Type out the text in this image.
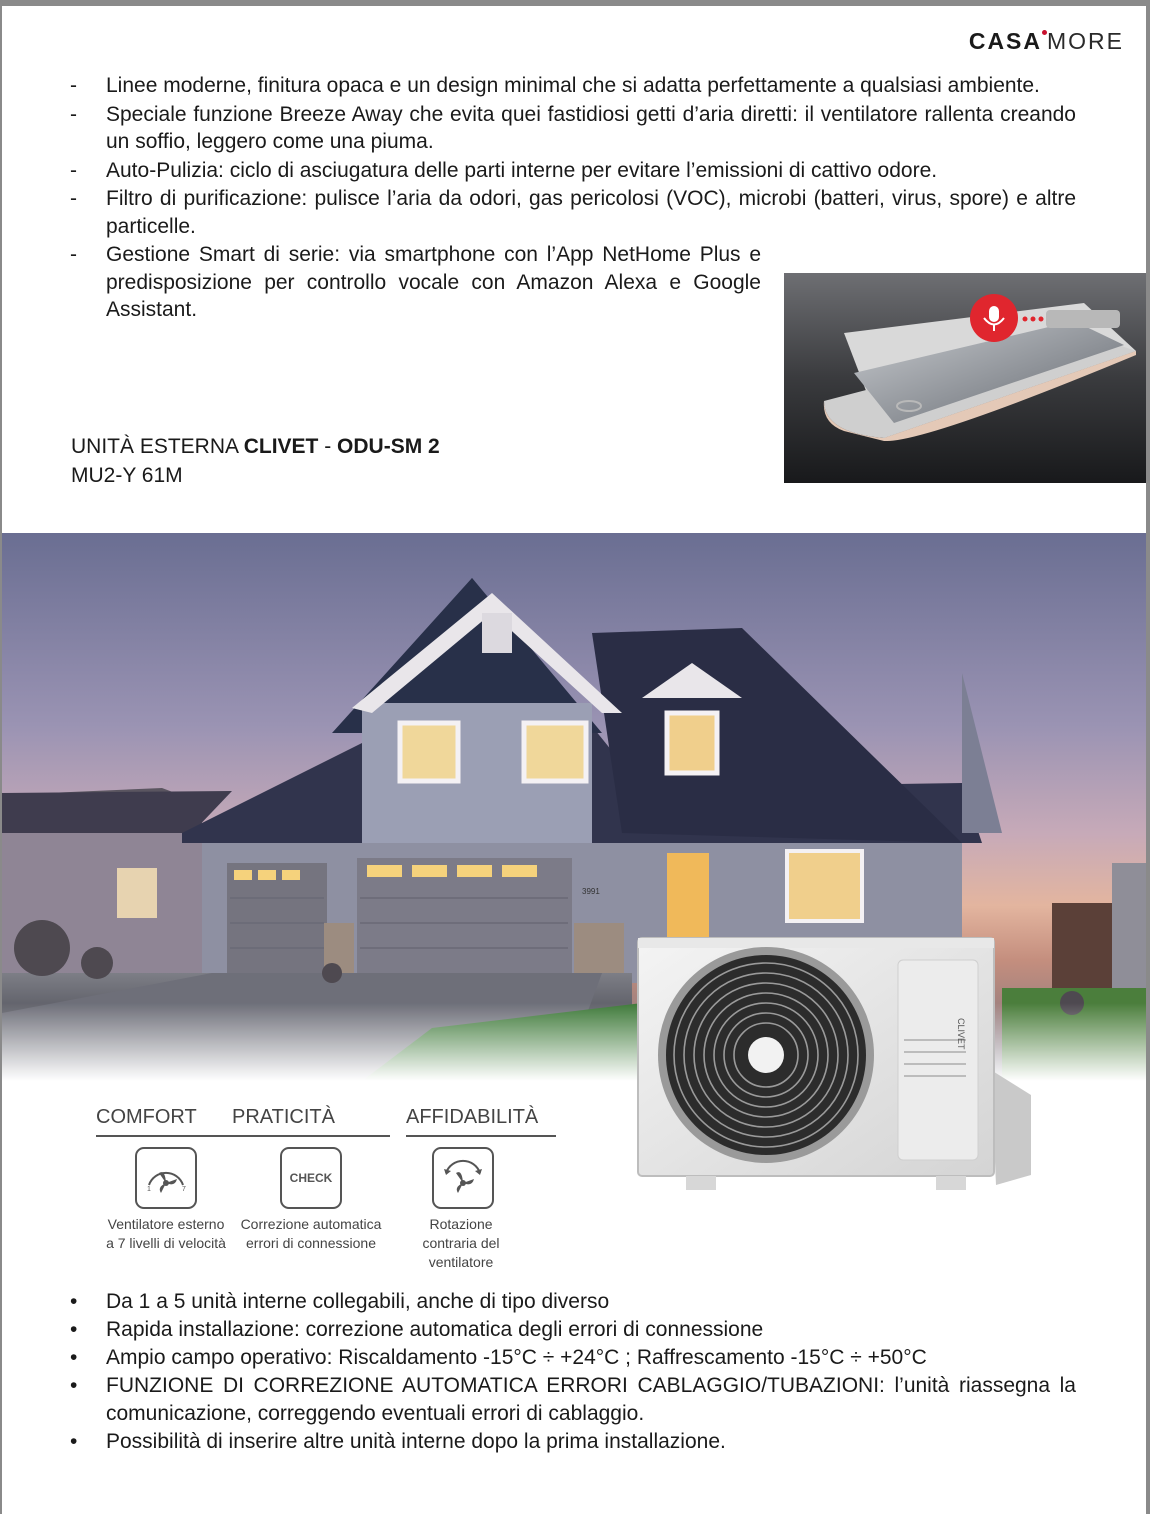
CASA MORE
- Linee moderne, finitura opaca e un design minimal che si adatta perfettamente a qualsiasi ambiente.
- Speciale funzione Breeze Away che evita quei fastidiosi getti d’aria diretti: il ventilatore rallenta creando un soffio, leggero come una piuma.
- Auto-Pulizia: ciclo di asciugatura delle parti interne per evitare l’emissioni di cattivo odore.
- Filtro di purificazione: pulisce l’aria da odori, gas pericolosi (VOC), microbi (batteri, virus, spore) e altre particelle.
- Gestione Smart di serie: via smartphone con l’App NetHome Plus e predisposizione per controllo vocale con Amazon Alexa e Google Assistant.
UNITÀ ESTERNA CLIVET - ODU-SM 2
MU2-Y 61M
3991
CLIVET
COMFORT
1	7
Ventilatore esterno
a 7 livelli di velocità
PRATICITÀ
CHECK
Correzione automatica
errori di connessione
AFFIDABILITÀ
Rotazione
contraria del
ventilatore
• Da 1 a 5 unità interne collegabili, anche di tipo diverso
• Rapida installazione: correzione automatica degli errori di connessione
• Ampio campo operativo: Riscaldamento -15°C ÷ +24°C ; Raffrescamento -15°C ÷ +50°C
• FUNZIONE DI CORREZIONE AUTOMATICA ERRORI CABLAGGIO/TUBAZIONI: l’unità riassegna la comunicazione, correggendo eventuali errori di cablaggio.
• Possibilità di inserire altre unità interne dopo la prima installazione.
